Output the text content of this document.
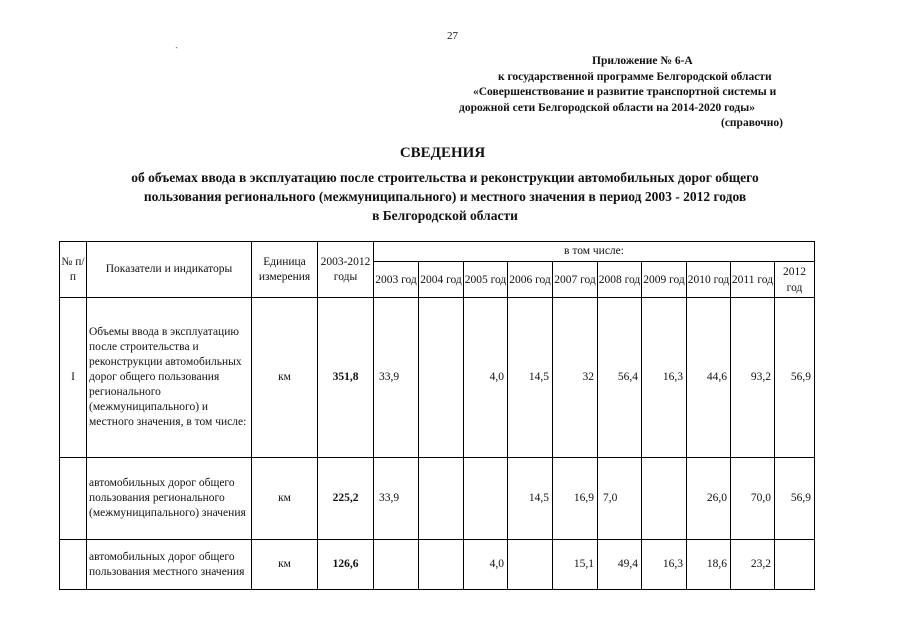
ˏ
27
Приложение № 6-А
к государственной программе Белгородской области
«Совершенствование и развитие транспортной системы и
дорожной сети Белгородской области на 2014-2020 годы»
(справочно)
СВЕДЕНИЯ
об объемах ввода в эксплуатацию после строительства и реконструкции автомобильных дорог общего
пользования регионального (межмуниципального) и местного значения в период 2003 - 2012 годов
в Белгородской области
№ п/п	Показатели и индикаторы	Единица измерения	2003-2012 годы	в том числе:									
				2003 год	2004 год	2005 год	2006 год	2007 год	2008 год	2009 год	2010 год	2011 год	2012 год
I	Объемы ввода в эксплуатацию после строительства и реконструкции автомобильных дорог общего пользования регионального (межмуниципального) и местного значения, в том числе:	км	351,8	33,9		4,0	14,5	32	56,4	16,3	44,6	93,2	56,9
	автомобильных дорог общего пользования регионального (межмуниципального) значения	км	225,2	33,9			14,5	16,9	7,0		26,0	70,0	56,9
	автомобильных дорог общего пользования местного значения	км	126,6			4,0		15,1	49,4	16,3	18,6	23,2	
